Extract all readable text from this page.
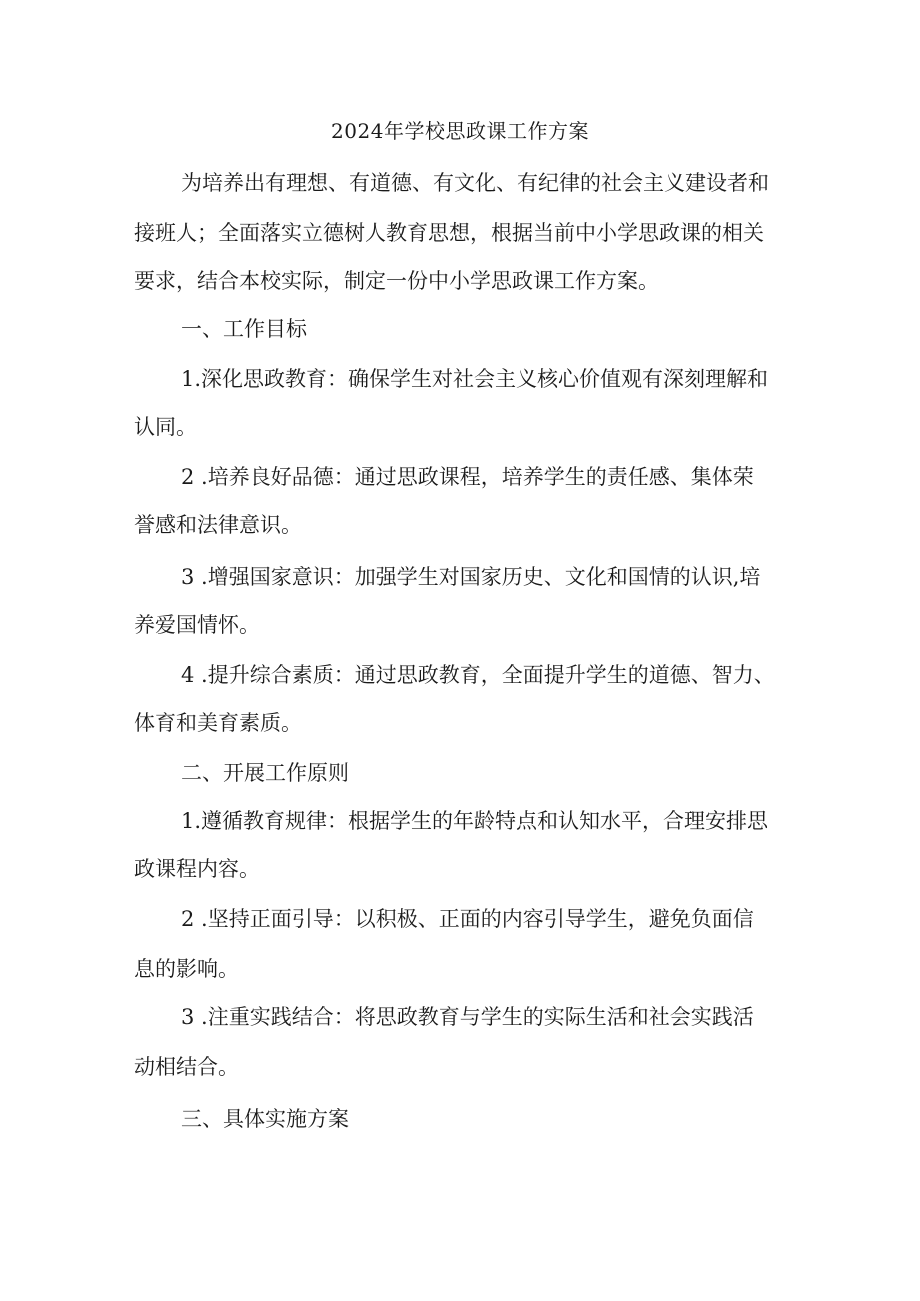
2024年学校思政课工作方案
为培养出有理想、有道德、有文化、有纪律的社会主义建设者和
接班人；全面落实立德树人教育思想，根据当前中小学思政课的相关
要求，结合本校实际，制定一份中小学思政课工作方案。
一、工作目标
1.深化思政教育：确保学生对社会主义核心价值观有深刻理解和
认同。
2 .培养良好品德：通过思政课程，培养学生的责任感、集体荣
誉感和法律意识。
3 .增强国家意识：加强学生对国家历史、文化和国情的认识,培
养爱国情怀。
4 .提升综合素质：通过思政教育，全面提升学生的道德、智力、
体育和美育素质。
二、开展工作原则
1.遵循教育规律：根据学生的年龄特点和认知水平，合理安排思
政课程内容。
2 .坚持正面引导：以积极、正面的内容引导学生，避免负面信
息的影响。
3 .注重实践结合：将思政教育与学生的实际生活和社会实践活
动相结合。
三、具体实施方案
